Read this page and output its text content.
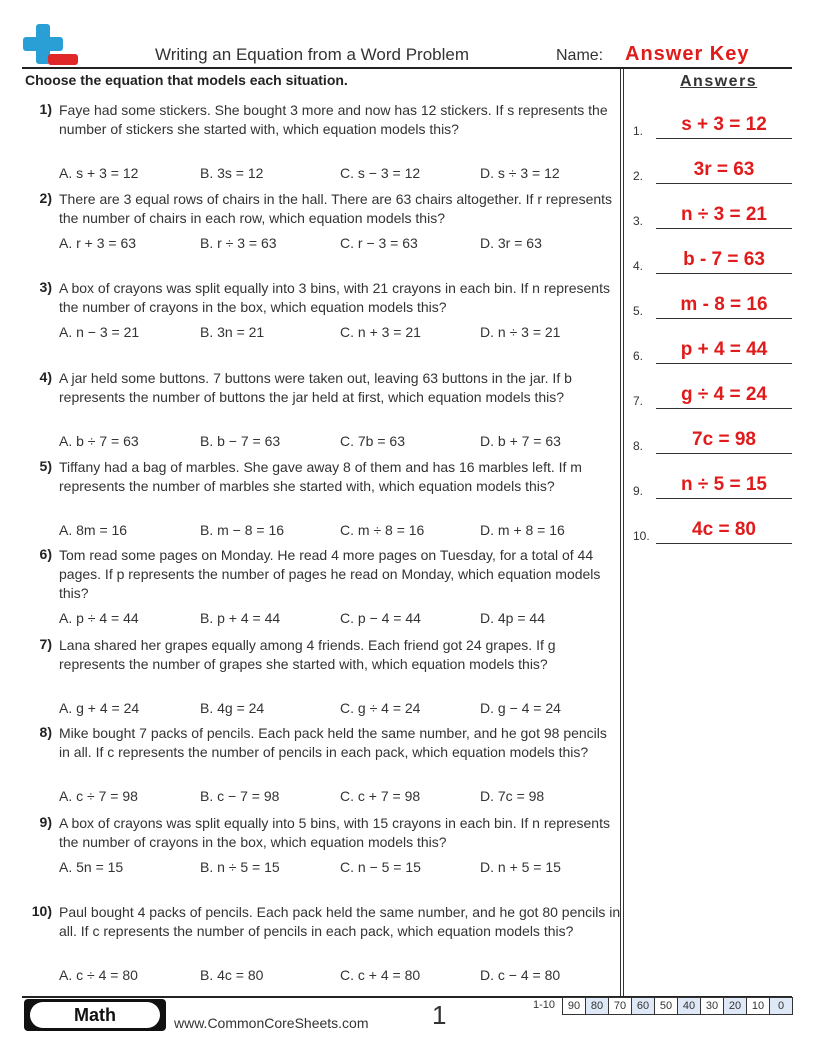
Writing an Equation from a Word Problem	Name: Answer Key
Choose the equation that models each situation.	Answers
1) Faye had some stickers. She bought 3 more and now has 12 stickers. If s represents the number of stickers she started with, which equation models this?
A. s + 3 = 12	B. 3s = 12	C. s − 3 = 12	D. s ÷ 3 = 12
2) There are 3 equal rows of chairs in the hall. There are 63 chairs altogether. If r represents the number of chairs in each row, which equation models this?
A. r + 3 = 63	B. r ÷ 3 = 63	C. r − 3 = 63	D. 3r = 63
3) A box of crayons was split equally into 3 bins, with 21 crayons in each bin. If n represents the number of crayons in the box, which equation models this?
A. n − 3 = 21	B. 3n = 21	C. n + 3 = 21	D. n ÷ 3 = 21
4) A jar held some buttons. 7 buttons were taken out, leaving 63 buttons in the jar. If b represents the number of buttons the jar held at first, which equation models this?
A. b ÷ 7 = 63	B. b − 7 = 63	C. 7b = 63	D. b + 7 = 63
5) Tiffany had a bag of marbles. She gave away 8 of them and has 16 marbles left. If m represents the number of marbles she started with, which equation models this?
A. 8m = 16	B. m − 8 = 16	C. m ÷ 8 = 16	D. m + 8 = 16
6) Tom read some pages on Monday. He read 4 more pages on Tuesday, for a total of 44 pages. If p represents the number of pages he read on Monday, which equation models this?
A. p ÷ 4 = 44	B. p + 4 = 44	C. p − 4 = 44	D. 4p = 44
7) Lana shared her grapes equally among 4 friends. Each friend got 24 grapes. If g represents the number of grapes she started with, which equation models this?
A. g + 4 = 24	B. 4g = 24	C. g ÷ 4 = 24	D. g − 4 = 24
8) Mike bought 7 packs of pencils. Each pack held the same number, and he got 98 pencils in all. If c represents the number of pencils in each pack, which equation models this?
A. c ÷ 7 = 98	B. c − 7 = 98	C. c + 7 = 98	D. 7c = 98
9) A box of crayons was split equally into 5 bins, with 15 crayons in each bin. If n represents the number of crayons in the box, which equation models this?
A. 5n = 15	B. n ÷ 5 = 15	C. n − 5 = 15	D. n + 5 = 15
10) Paul bought 4 packs of pencils. Each pack held the same number, and he got 80 pencils in all. If c represents the number of pencils in each pack, which equation models this?
A. c ÷ 4 = 80	B. 4c = 80	C. c + 4 = 80	D. c − 4 = 80
1.	s + 3 = 12
2.	3r = 63
3.	n ÷ 3 = 21
4.	b - 7 = 63
5.	m - 8 = 16
6.	p + 4 = 44
7.	g ÷ 4 = 24
8.	7c = 98
9.	n ÷ 5 = 15
10.	4c = 80
Math	www.CommonCoreSheets.com 1	1-10	90 80 70 60 50 40 30 20 10	0
